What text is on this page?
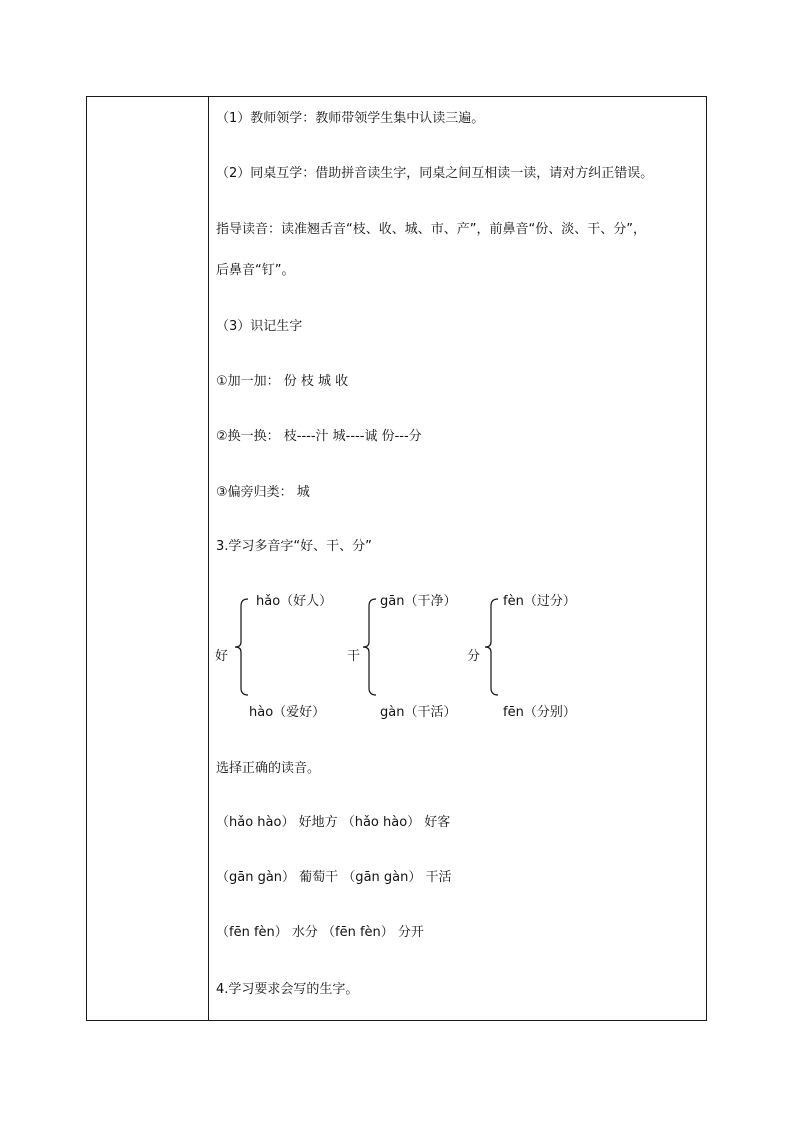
（1）教师领学：教师带领学生集中认读三遍。
（2）同桌互学：借助拼音读生字，同桌之间互相读一读，请对方纠正错误。
指导读音：读准翘舌音“枝、收、城、市、产”，前鼻音“份、淡、干、分”，
后鼻音“钉”。
（3）识记生字
①加一加： 份 枝 城 收
②换一换： 枝----汁 城----诚 份---分
③偏旁归类： 城
3.学习多音字“好、干、分”
好
hǎo（好人）
hào（爱好）
干
gān（干净）
gàn（干活）
分
fèn（过分）
fēn（分别）
选择正确的读音。
（hǎo hào） 好地方 （hǎo hào） 好客
（gān gàn） 葡萄干 （gān gàn） 干活
（fēn fèn） 水分 （fēn fèn） 分开
4.学习要求会写的生字。
